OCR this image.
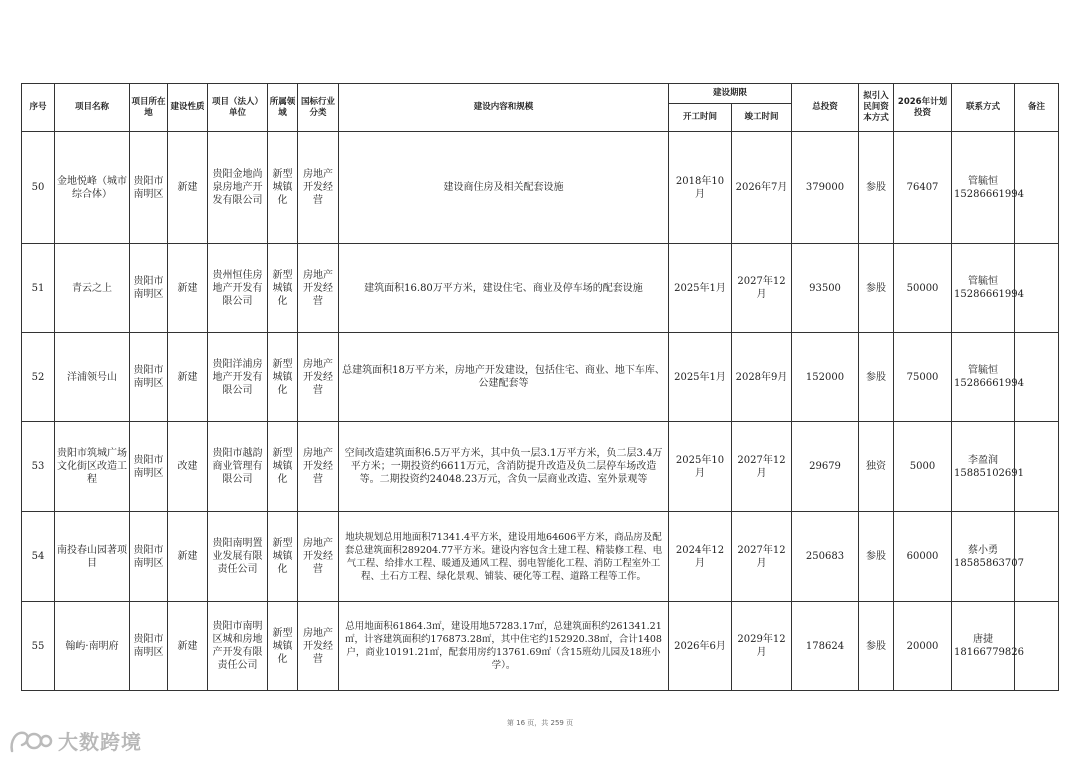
序号	项目名称	项目所在地	建设性质	项目（法人）单位	所属领域	国标行业分类	建设内容和规模	建设期限		总投资	拟引入民间资本方式	2026年计划投资	联系方式	备注
								开工时间	竣工时间					
50	金地悦峰（城市综合体）	贵阳市南明区	新建	贵阳金地尚泉房地产开发有限公司	新型城镇化	房地产开发经营	建设商住房及相关配套设施	2018年10月	2026年7月	379000	参股	76407	管毓恒
15286661994	
51	青云之上	贵阳市南明区	新建	贵州恒佳房地产开发有限公司	新型城镇化	房地产开发经营	建筑面积16.80万平方米，建设住宅、商业及停车场的配套设施	2025年1月	2027年12月	93500	参股	50000	管毓恒
15286661994	
52	洋浦领号山	贵阳市南明区	新建	贵阳洋浦房地产开发有限公司	新型城镇化	房地产开发经营	总建筑面积18万平方米，房地产开发建设，包括住宅、商业、地下车库、公建配套等	2025年1月	2028年9月	152000	参股	75000	管毓恒
15286661994	
53	贵阳市筑城广场文化街区改造工程	贵阳市南明区	改建	贵阳市越韵商业管理有限公司	新型城镇化	房地产开发经营	空间改造建筑面积6.5万平方米，其中负一层3.1万平方米，负二层3.4万平方米；一期投资约6611万元，含消防提升改造及负二层停车场改造等。二期投资约24048.23万元，含负一层商业改造、室外景观等	2025年10月	2027年12月	29679	独资	5000	李盈润
15885102691	
54	南投春山园著项目	贵阳市南明区	新建	贵阳南明置业发展有限责任公司	新型城镇化	房地产开发经营	地块规划总用地面积71341.4平方米，建设用地64606平方米，商品房及配套总建筑面积289204.77平方米。建设内容包含土建工程、精装修工程、电气工程、给排水工程、暖通及通风工程、弱电智能化工程、消防工程室外工程、土石方工程、绿化景观、铺装、硬化等工程、道路工程等工作。	2024年12月	2027年12月	250683	参股	60000	蔡小勇
18585863707	
55	翰屿·南明府	贵阳市南明区	新建	贵阳市南明区城和房地产开发有限责任公司	新型城镇化	房地产开发经营	总用地面积61864.3㎡，建设用地57283.17㎡，总建筑面积约261341.21㎡，计容建筑面积约176873.28㎡，其中住宅约152920.38㎡，合计1408户，商业10191.21㎡，配套用房约13761.69㎡（含15班幼儿园及18班小学）。	2026年6月	2029年12月	178624	参股	20000	唐捷
18166779826	
第 16 页，共 259 页
大数跨境
